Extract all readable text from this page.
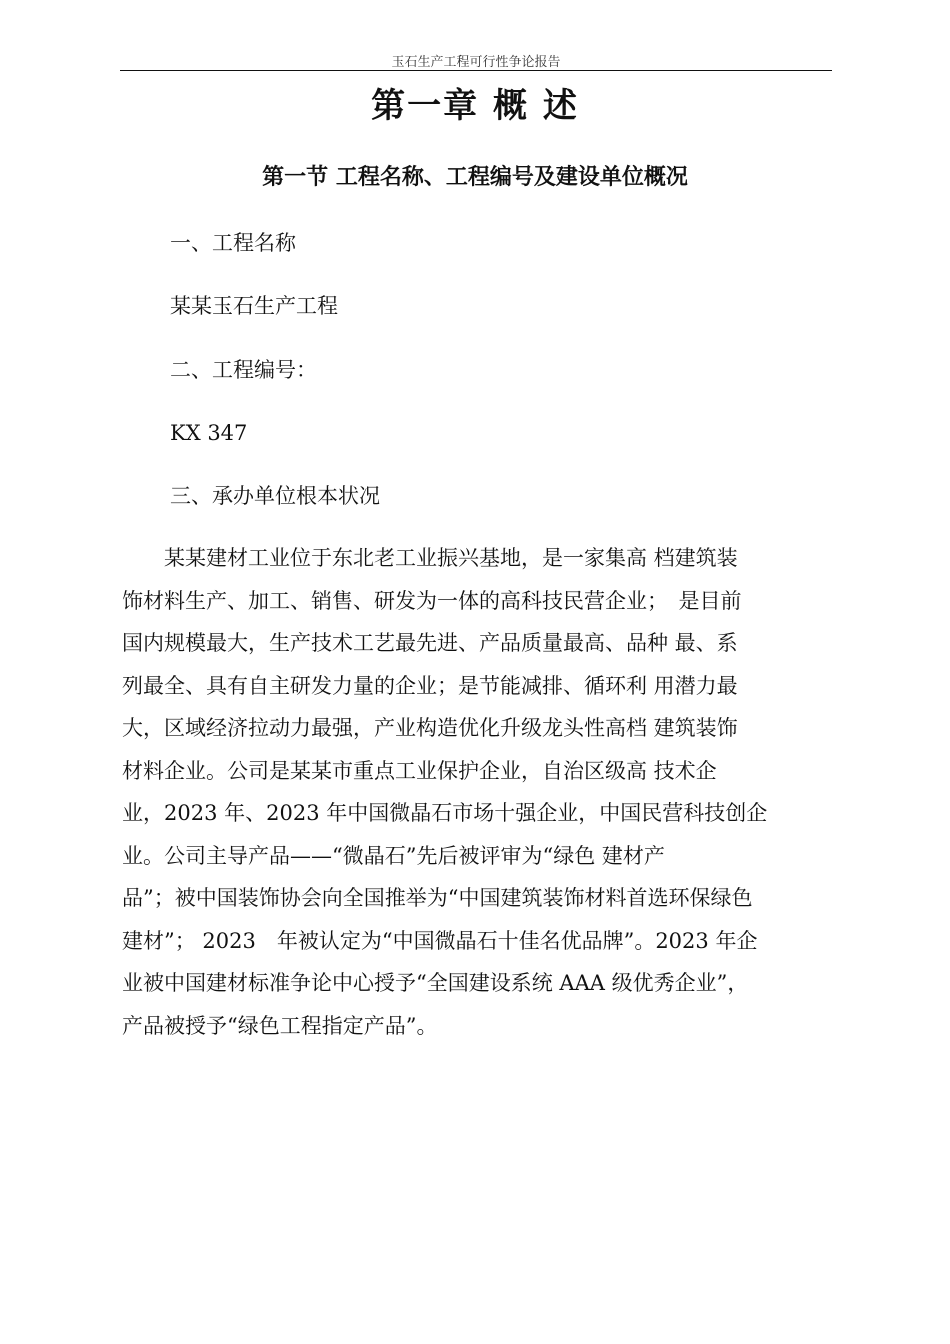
玉石生产工程可行性争论报告
第一章 概 述
第一节 工程名称、工程编号及建设单位概况
一、工程名称
某某玉石生产工程
二、工程编号：
KX 347
三、承办单位根本状况
　　某某建材工业位于东北老工业振兴基地，是一家集高 档建筑装
饰材料生产、加工、销售、研发为一体的高科技民营企业；　是目前
国内规模最大，生产技术工艺最先进、产品质量最高、品种 最、系
列最全、具有自主研发力量的企业；是节能减排、循环利 用潜力最
大，区域经济拉动力最强，产业构造优化升级龙头性高档 建筑装饰
材料企业。公司是某某市重点工业保护企业，自治区级高 技术企
业，2023 年、2023 年中国微晶石市场十强企业，中国民营科技创企
业。公司主导产品——“微晶石”先后被评审为“绿色 建材产
品”；被中国装饰协会向全国推举为“中国建筑装饰材料首选环保绿色
建材”； 2023　年被认定为“中国微晶石十佳名优品牌”。2023 年企
业被中国建材标准争论中心授予“全国建设系统 AAA 级优秀企业”，
产品被授予“绿色工程指定产品”。
